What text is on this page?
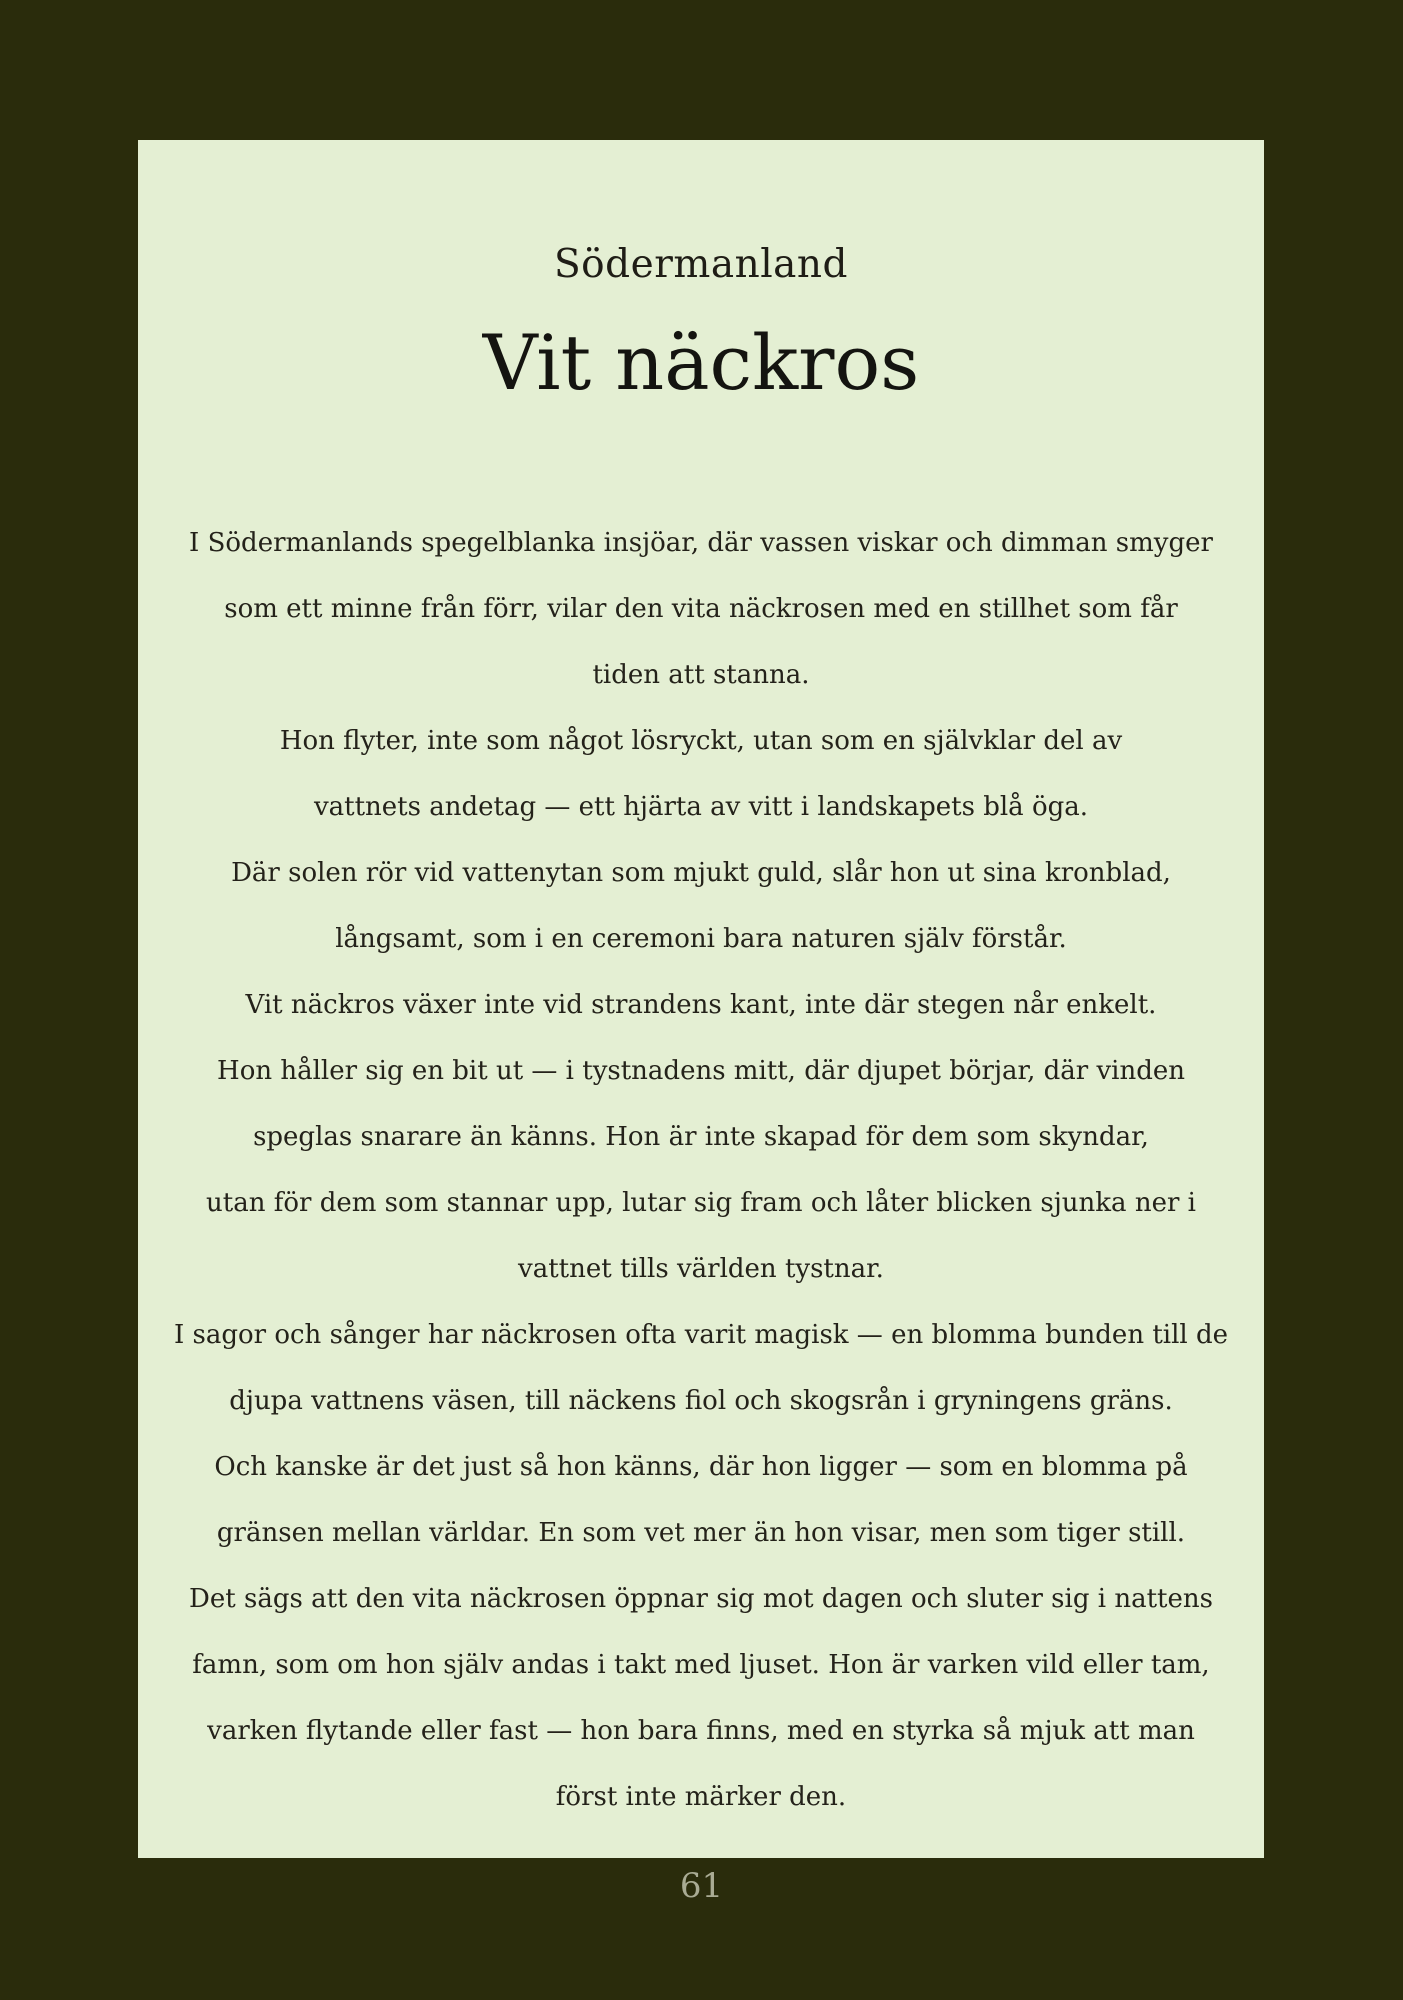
Södermanland
Vit näckros
I Södermanlands spegelblanka insjöar, där vassen viskar och dimman smyger
som ett minne från förr, vilar den vita näckrosen med en stillhet som får
tiden att stanna.
Hon flyter, inte som något lösryckt, utan som en självklar del av
vattnets andetag — ett hjärta av vitt i landskapets blå öga.
Där solen rör vid vattenytan som mjukt guld, slår hon ut sina kronblad,
långsamt, som i en ceremoni bara naturen själv förstår.
Vit näckros växer inte vid strandens kant, inte där stegen når enkelt.
Hon håller sig en bit ut — i tystnadens mitt, där djupet börjar, där vinden
speglas snarare än känns. Hon är inte skapad för dem som skyndar,
utan för dem som stannar upp, lutar sig fram och låter blicken sjunka ner i
vattnet tills världen tystnar.
I sagor och sånger har näckrosen ofta varit magisk — en blomma bunden till de
djupa vattnens väsen, till näckens fiol och skogsrån i gryningens gräns.
Och kanske är det just så hon känns, där hon ligger — som en blomma på
gränsen mellan världar. En som vet mer än hon visar, men som tiger still.
Det sägs att den vita näckrosen öppnar sig mot dagen och sluter sig i nattens
famn, som om hon själv andas i takt med ljuset. Hon är varken vild eller tam,
varken flytande eller fast — hon bara finns, med en styrka så mjuk att man
först inte märker den.
61
